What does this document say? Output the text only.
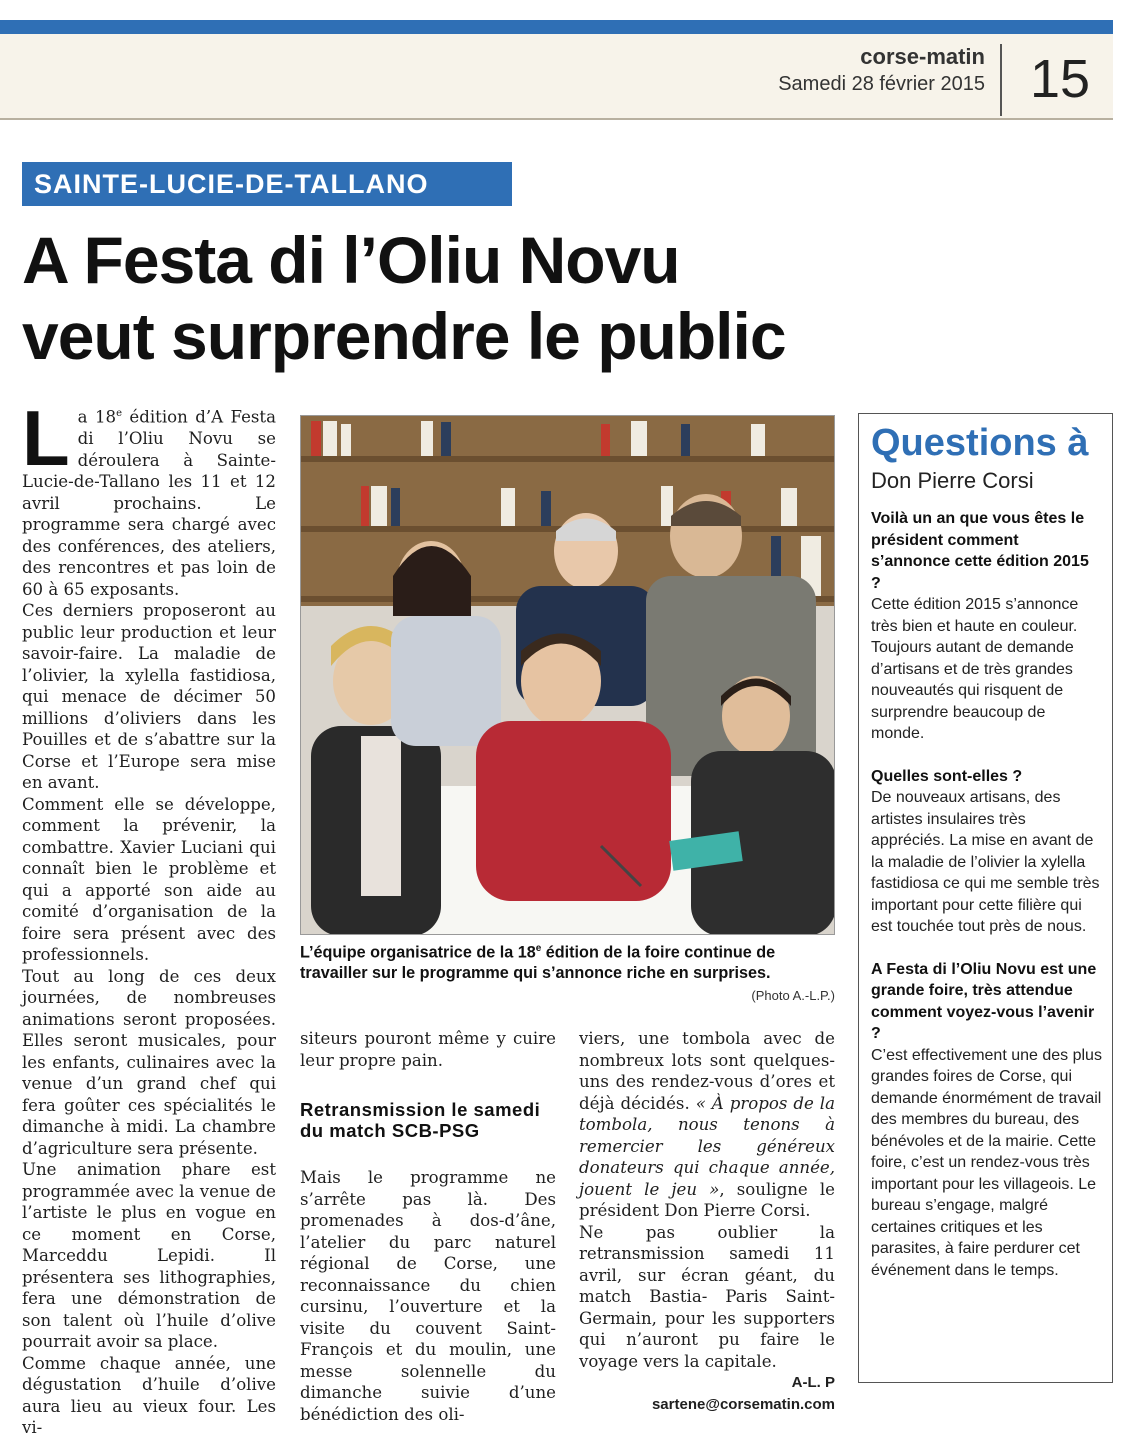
corse-matin
Samedi 28 février 2015 15
SAINTE-LUCIE-DE-TALLANO
A Festa di l’Oliu Novu
veut surprendre le public

La 18e édition d’A Festa di l’Oliu Novu se déroulera à Sainte-Lucie-de-Tallano les 11 et 12 avril prochains. Le programme sera chargé avec des conférences, des ateliers, des rencontres et pas loin de 60 à 65 exposants.

Ces derniers proposeront au public leur production et leur savoir-faire. La maladie de l’olivier, la xylella fastidiosa, qui menace de décimer 50 millions d’oliviers dans les Pouilles et de s’abattre sur la Corse et l’Europe sera mise en avant.

Comment elle se développe, comment la prévenir, la combattre. Xavier Luciani qui connaît bien le problème et qui a apporté son aide au comité d’organisation de la foire sera présent avec des professionnels.

Tout au long de ces deux journées, de nombreuses animations seront proposées. Elles seront musicales, pour les enfants, culinaires avec la venue d’un grand chef qui fera goûter ces spécialités le dimanche à midi. La chambre d’agriculture sera présente.

Une animation phare est programmée avec la venue de l’artiste le plus en vogue en ce moment en Corse, Marceddu Lepidi. Il présentera ses lithographies, fera une démonstration de son talent où l’huile d’olive pourrait avoir sa place.

Comme chaque année, une dégustation d’huile d’olive aura lieu au vieux four. Les vi-

L’équipe organisatrice de la 18e édition de la foire continue de travailler sur le programme qui s’annonce riche en surprises.
(Photo A.-L.P.)

siteurs pouront même y cuire leur propre pain.

Retransmission le samedi du match SCB-PSG

Mais le programme ne s’arrête pas là. Des promenades à dos-d’âne, l’atelier du parc naturel régional de Corse, une reconnaissance du chien cursinu, l’ouverture et la visite du couvent Saint-François et du moulin, une messe solennelle du dimanche suivie d’une bénédiction des oli-

viers, une tombola avec de nombreux lots sont quelques-uns des rendez-vous d’ores et déjà décidés. « À propos de la tombola, nous tenons à remercier les généreux donateurs qui chaque année, jouent le jeu », souligne le président Don Pierre Corsi.

Ne pas oublier la retransmission samedi 11 avril, sur écran géant, du match Bastia- Paris Saint-Germain, pour les supporters qui n’auront pu faire le voyage vers la capitale.

A-L. P

sartene@corsematin.com

Questions à
Don Pierre Corsi
Voilà un an que vous êtes le président comment s’annonce cette édition 2015 ?
Cette édition 2015 s’annonce très bien et haute en couleur. Toujours autant de demande d’artisans et de très grandes nouveautés qui risquent de surprendre beaucoup de monde.
Quelles sont-elles ?
De nouveaux artisans, des artistes insulaires très appréciés. La mise en avant de la maladie de l’olivier la xylella fastidiosa ce qui me semble très important pour cette filière qui est touchée tout près de nous.
A Festa di l’Oliu Novu est une grande foire, très attendue comment voyez-vous l’avenir ?
C’est effectivement une des plus grandes foires de Corse, qui demande énormément de travail des membres du bureau, des bénévoles et de la mairie. Cette foire, c’est un rendez-vous très important pour les villageois. Le bureau s’engage, malgré certaines critiques et les parasites, à faire perdurer cet événement dans le temps.
